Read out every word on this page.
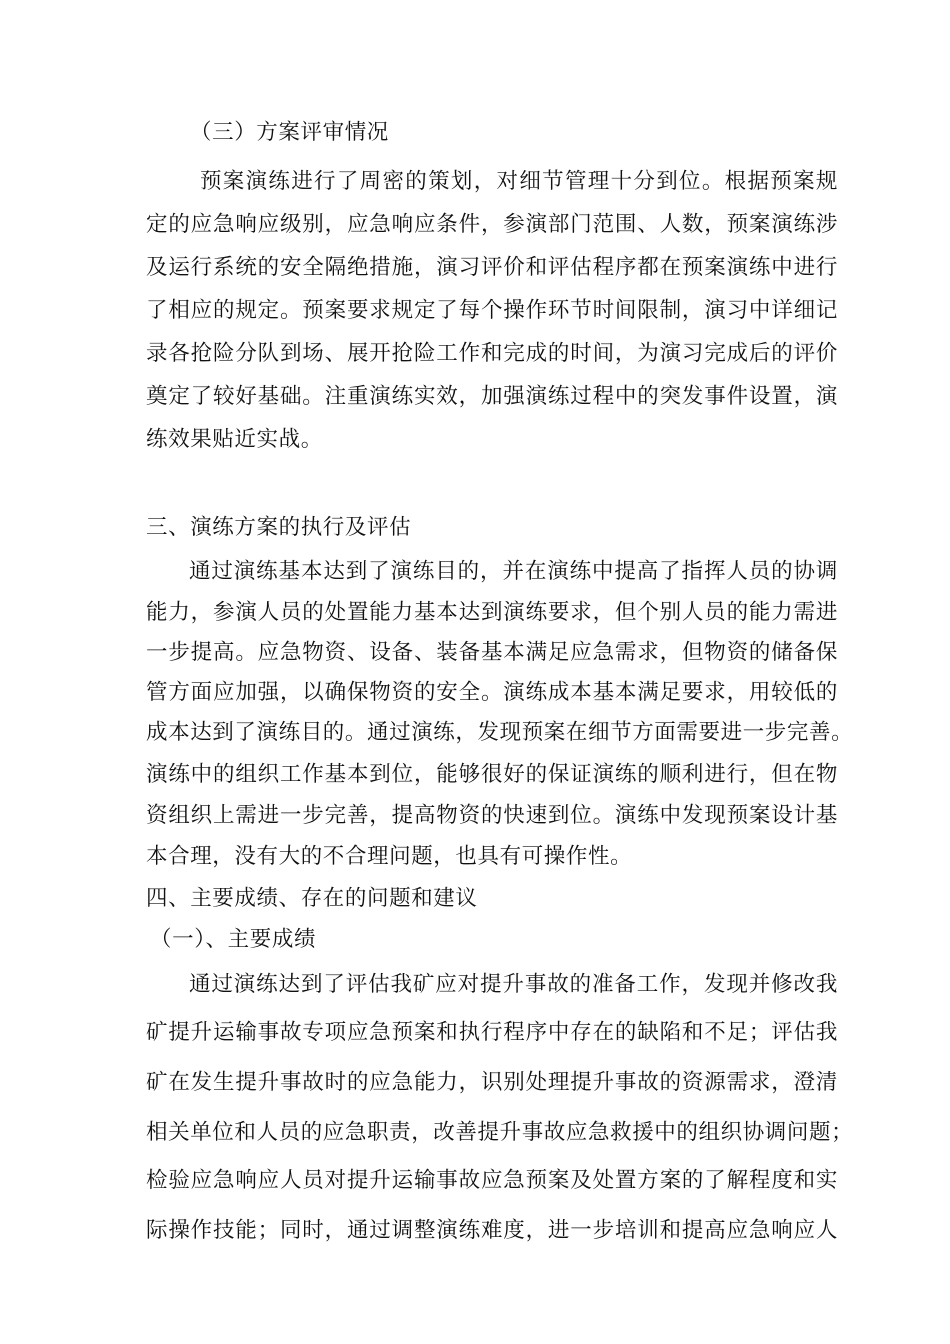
（三）方案评审情况
预案演练进行了周密的策划，对细节管理十分到位。根据预案规
定的应急响应级别，应急响应条件，参演部门范围、人数，预案演练涉
及运行系统的安全隔绝措施，演习评价和评估程序都在预案演练中进行
了相应的规定。预案要求规定了每个操作环节时间限制，演习中详细记
录各抢险分队到场、展开抢险工作和完成的时间，为演习完成后的评价
奠定了较好基础。注重演练实效，加强演练过程中的突发事件设置，演
练效果贴近实战。
三、演练方案的执行及评估
通过演练基本达到了演练目的，并在演练中提高了指挥人员的协调
能力，参演人员的处置能力基本达到演练要求，但个别人员的能力需进
一步提高。应急物资、设备、装备基本满足应急需求，但物资的储备保
管方面应加强，以确保物资的安全。演练成本基本满足要求，用较低的
成本达到了演练目的。通过演练，发现预案在细节方面需要进一步完善。
演练中的组织工作基本到位，能够很好的保证演练的顺利进行，但在物
资组织上需进一步完善，提高物资的快速到位。演练中发现预案设计基
本合理，没有大的不合理问题，也具有可操作性。
四、主要成绩、存在的问题和建议
（一）、主要成绩
通过演练达到了评估我矿应对提升事故的准备工作，发现并修改我
矿提升运输事故专项应急预案和执行程序中存在的缺陷和不足；评估我
矿在发生提升事故时的应急能力，识别处理提升事故的资源需求，澄清
相关单位和人员的应急职责，改善提升事故应急救援中的组织协调问题；
检验应急响应人员对提升运输事故应急预案及处置方案的了解程度和实
际操作技能；同时，通过调整演练难度，进一步培训和提高应急响应人
